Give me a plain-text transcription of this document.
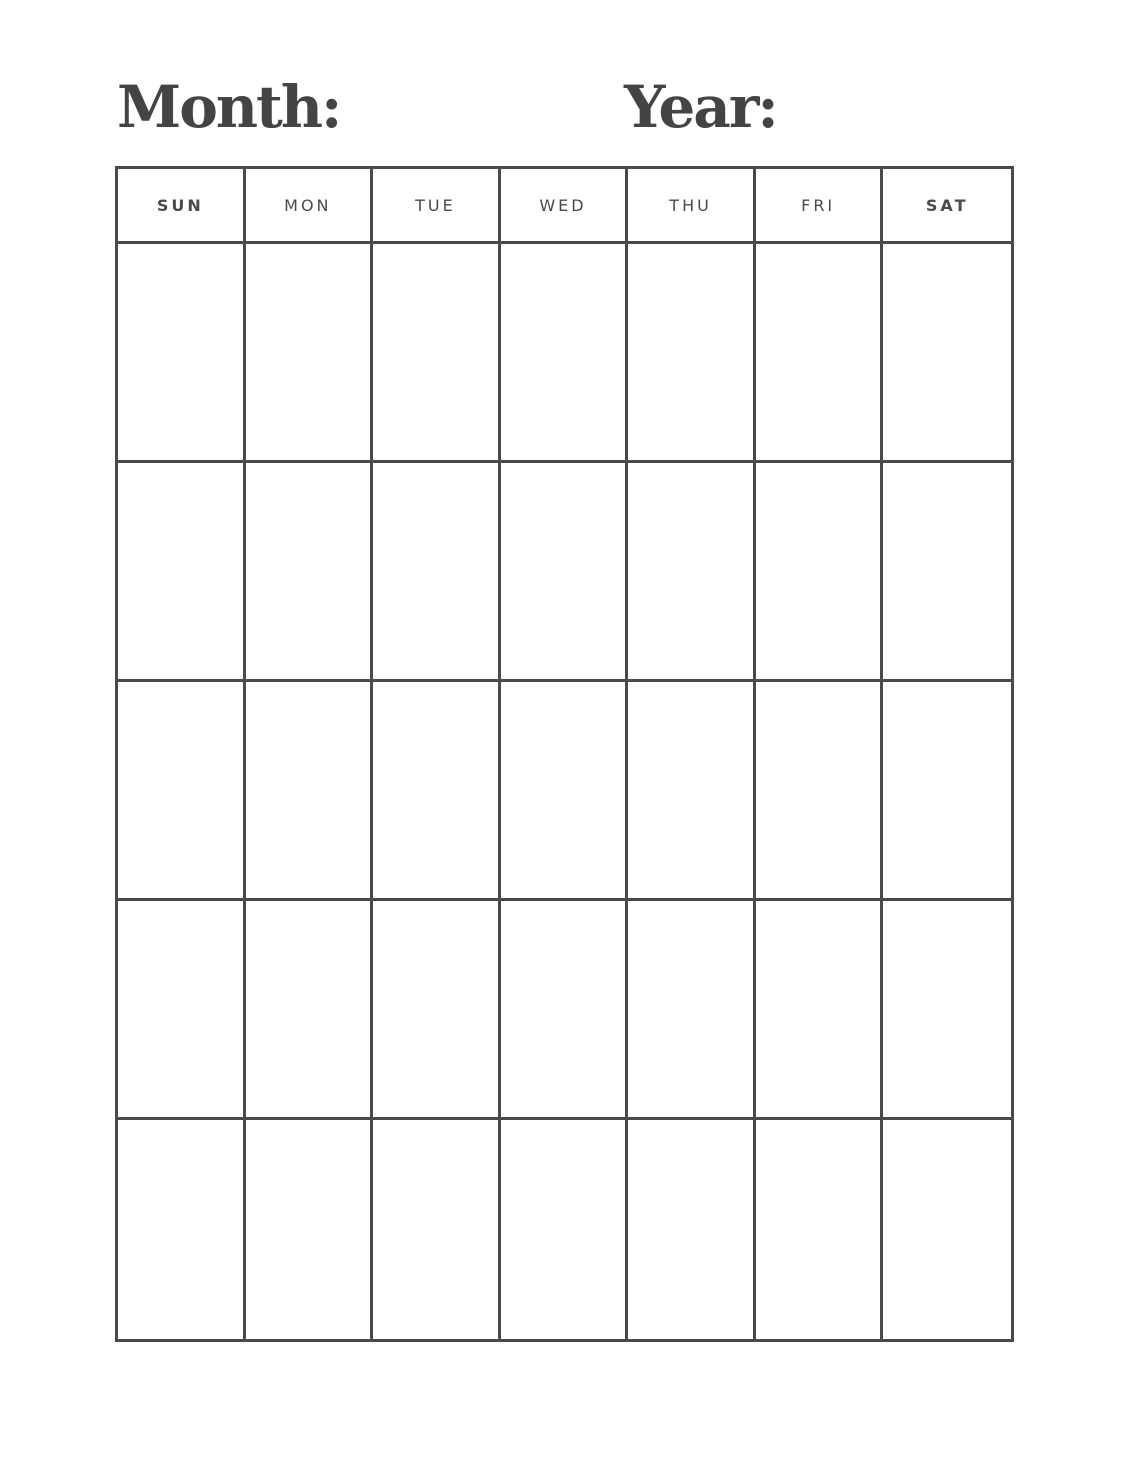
Month:	Year:
SUN	MON	TUE	WED	THU	FRI	SAT
